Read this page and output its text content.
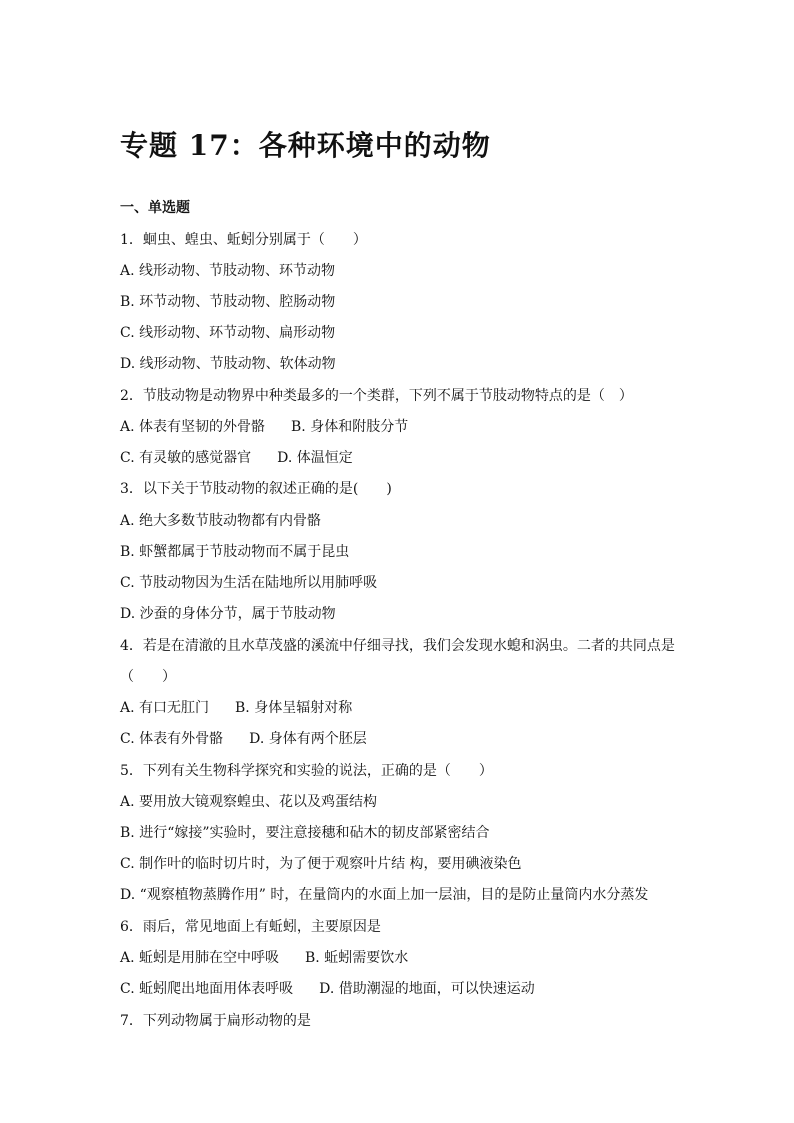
专题 17：各种环境中的动物
一、单选题

1．蛔虫、蝗虫、蚯蚓分别属于（　　）

A. 线形动物、节肢动物、环节动物

B. 环节动物、节肢动物、腔肠动物

C. 线形动物、环节动物、扁形动物

D. 线形动物、节肢动物、软体动物

2．节肢动物是动物界中种类最多的一个类群，下列不属于节肢动物特点的是（　）

A. 体表有坚韧的外骨骼 B. 身体和附肢分节

C. 有灵敏的感觉器官 D. 体温恒定

3．以下关于节肢动物的叙述正确的是(　　)

A. 绝大多数节肢动物都有内骨骼

B. 虾蟹都属于节肢动物而不属于昆虫

C. 节肢动物因为生活在陆地所以用肺呼吸

D. 沙蚕的身体分节，属于节肢动物

4．若是在清澈的且水草茂盛的溪流中仔细寻找，我们会发现水螅和涡虫。二者的共同点是

（　　）

A. 有口无肛门 B. 身体呈辐射对称

C. 体表有外骨骼 D. 身体有两个胚层

5．下列有关生物科学探究和实验的说法，正确的是（　　）

A. 要用放大镜观察蝗虫、花以及鸡蛋结构

B. 进行“嫁接”实验时，要注意接穗和砧木的韧皮部紧密结合

C. 制作叶的临时切片时，为了便于观察叶片结 构，要用碘液染色

D. “观察植物蒸腾作用” 时，在量筒内的水面上加一层油，目的是防止量筒内水分蒸发

6．雨后，常见地面上有蚯蚓，主要原因是

A. 蚯蚓是用肺在空中呼吸 B. 蚯蚓需要饮水

C. 蚯蚓爬出地面用体表呼吸 D. 借助潮湿的地面，可以快速运动

7．下列动物属于扁形动物的是
